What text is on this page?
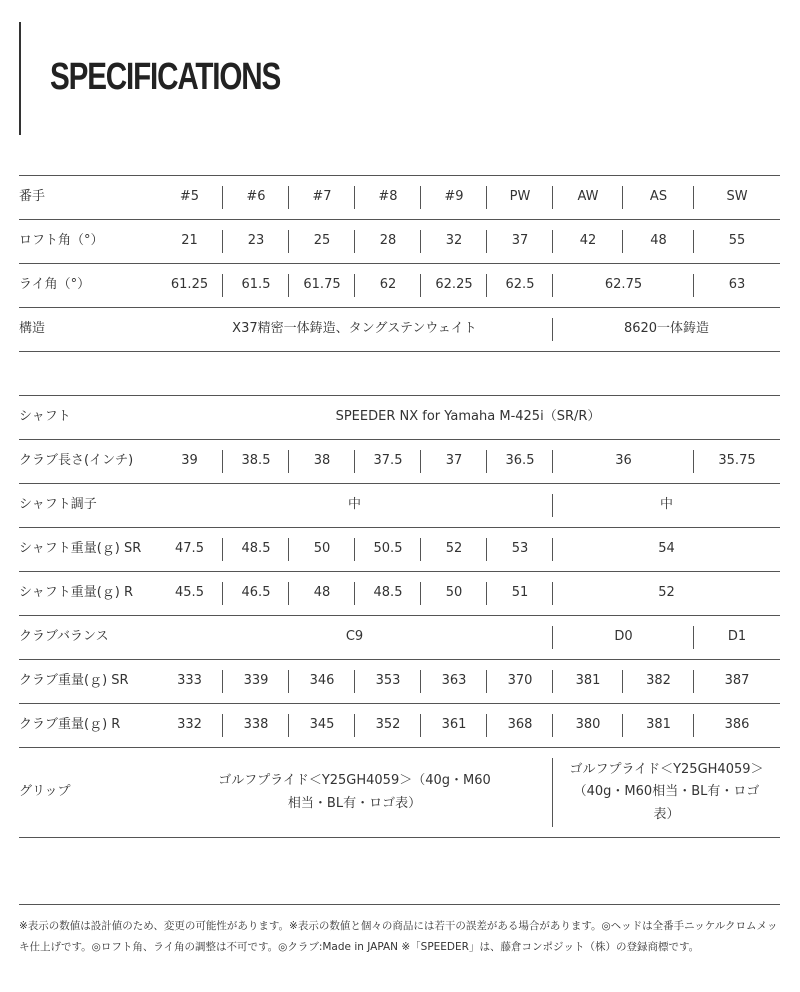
SPECIFICATIONS
番手	#5	#6	#7	#8	#9	PW	AW	AS	SW
ロフト角（°）	21	23	25	28	32	37	42	48	55
ライ角（°）	61.25	61.5	61.75	62	62.25	62.5	62.75		63
構造	X37精密一体鋳造、タングステンウェイト						8620一体鋳造		
シャフト	SPEEDER NX for Yamaha M-425i（SR/R）								
クラブ長さ(インチ)	39	38.5	38	37.5	37	36.5	36		35.75
シャフト調子	中						中		
シャフト重量(ｇ) SR	47.5	48.5	50	50.5	52	53	54		
シャフト重量(ｇ) R	45.5	46.5	48	48.5	50	51	52		
クラブバランス	C9						D0		D1
クラブ重量(ｇ) SR	333	339	346	353	363	370	381	382	387
クラブ重量(ｇ) R	332	338	345	352	361	368	380	381	386
グリップ	ゴルフプライド＜Y25GH4059＞（40g・M60相当・BL有・ロゴ表）						ゴルフプライド＜Y25GH4059＞（40g・M60相当・BL有・ロゴ表）		

※表示の数値は設計値のため、変更の可能性があります。※表示の数値と個々の商品には若干の誤差がある場合があります。◎ヘッドは全番手ニッケルクロムメッキ仕上げです。◎ロフト角、ライ角の調整は不可です。◎クラブ:Made in JAPAN ※「SPEEDER」は、藤倉コンポジット（株）の登録商標です。
